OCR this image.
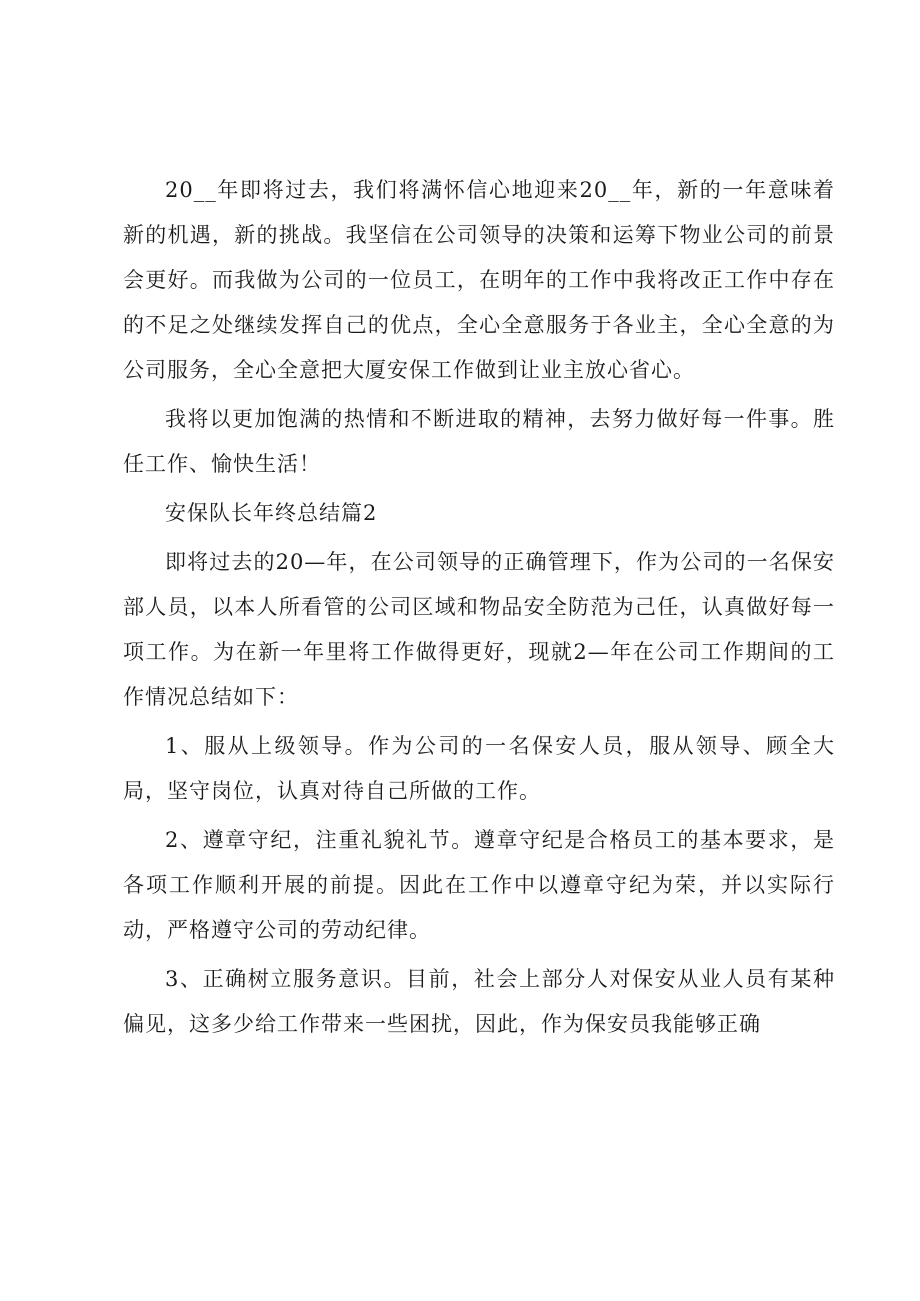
20__年即将过去，我们将满怀信心地迎来20__年，新的一年意味着新的机遇，新的挑战。我坚信在公司领导的决策和运筹下物业公司的前景会更好。而我做为公司的一位员工，在明年的工作中我将改正工作中存在的不足之处继续发挥自己的优点，全心全意服务于各业主，全心全意的为公司服务，全心全意把大厦安保工作做到让业主放心省心。

我将以更加饱满的热情和不断进取的精神，去努力做好每一件事。胜任工作、愉快生活！

安保队长年终总结篇2

即将过去的20—年，在公司领导的正确管理下，作为公司的一名保安部人员，以本人所看管的公司区域和物品安全防范为己任，认真做好每一项工作。为在新一年里将工作做得更好，现就2—年在公司工作期间的工作情况总结如下：

1、服从上级领导。作为公司的一名保安人员，服从领导、顾全大局，坚守岗位，认真对待自己所做的工作。

2、遵章守纪，注重礼貌礼节。遵章守纪是合格员工的基本要求，是各项工作顺利开展的前提。因此在工作中以遵章守纪为荣，并以实际行动，严格遵守公司的劳动纪律。

3、正确树立服务意识。目前，社会上部分人对保安从业人员有某种偏见，这多少给工作带来一些困扰，因此，作为保安员我能够正确
